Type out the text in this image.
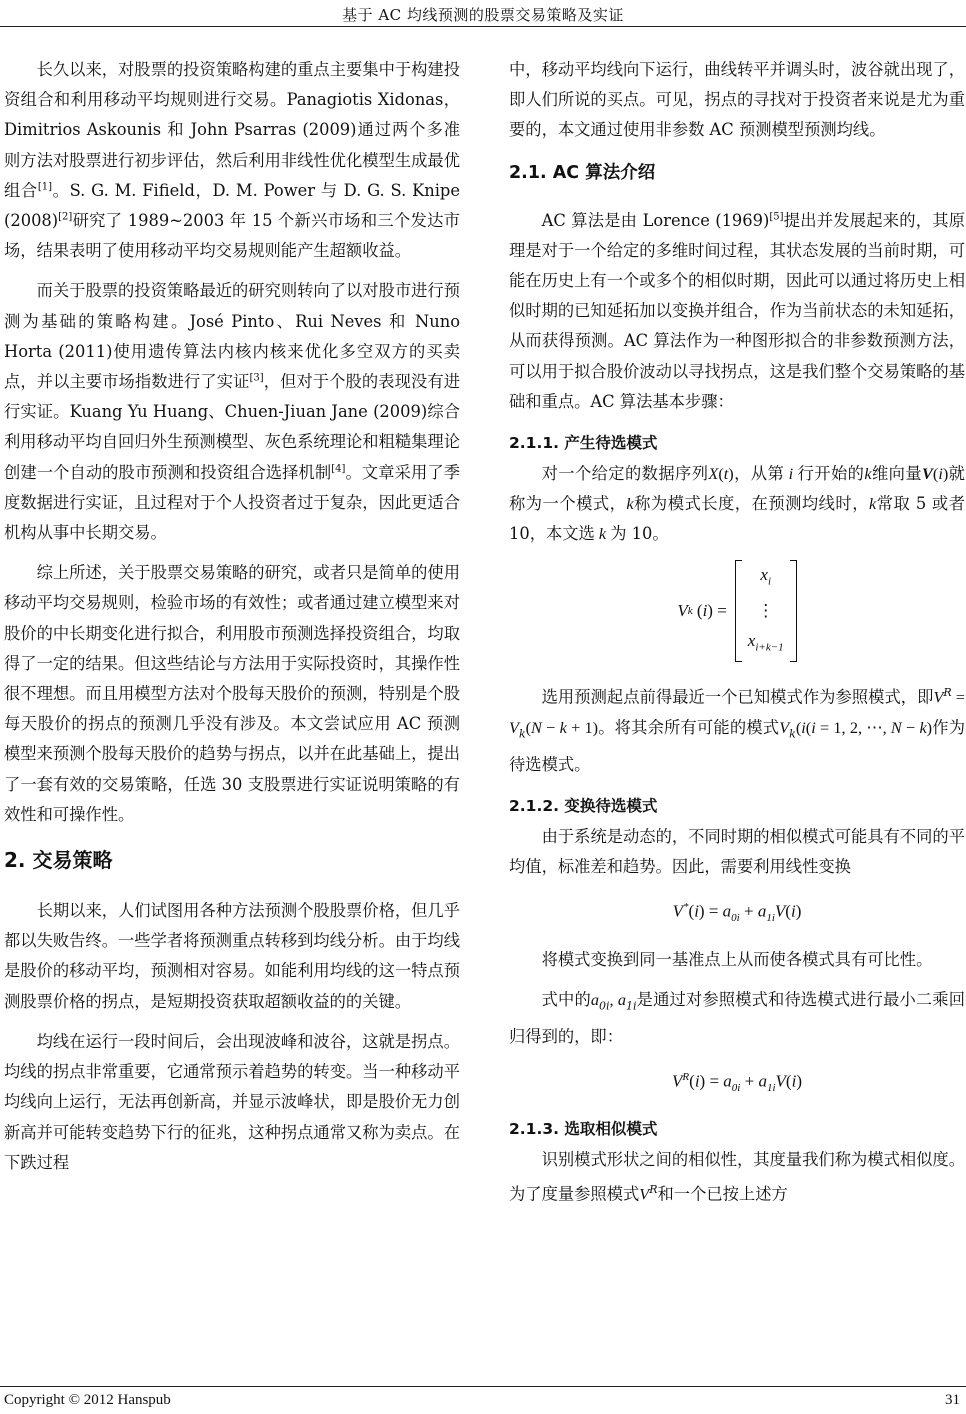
基于 AC 均线预测的股票交易策略及实证

长久以来，对股票的投资策略构建的重点主要集中于构建投资组合和利用移动平均规则进行交易。Panagiotis Xidonas，Dimitrios Askounis 和 John Psarras (2009)通过两个多准则方法对股票进行初步评估，然后利用非线性优化模型生成最优组合[1]。S. G. M. Fifield，D. M. Power 与 D. G. S. Knipe (2008)[2]研究了 1989~2003 年 15 个新兴市场和三个发达市场，结果表明了使用移动平均交易规则能产生超额收益。

而关于股票的投资策略最近的研究则转向了以对股市进行预测为基础的策略构建。José Pinto、Rui Neves 和 Nuno Horta (2011)使用遗传算法内核内核来优化多空双方的买卖点，并以主要市场指数进行了实证[3]，但对于个股的表现没有进行实证。Kuang Yu Huang、Chuen-Jiuan Jane (2009)综合利用移动平均自回归外生预测模型、灰色系统理论和粗糙集理论创建一个自动的股市预测和投资组合选择机制[4]。文章采用了季度数据进行实证，且过程对于个人投资者过于复杂，因此更适合机构从事中长期交易。

综上所述，关于股票交易策略的研究，或者只是简单的使用移动平均交易规则，检验市场的有效性；或者通过建立模型来对股价的中长期变化进行拟合，利用股市预测选择投资组合，均取得了一定的结果。但这些结论与方法用于实际投资时，其操作性很不理想。而且用模型方法对个股每天股价的预测，特别是个股每天股价的拐点的预测几乎没有涉及。本文尝试应用 AC 预测模型来预测个股每天股价的趋势与拐点，以并在此基础上，提出了一套有效的交易策略，任选 30 支股票进行实证说明策略的有效性和可操作性。

2. 交易策略

长期以来，人们试图用各种方法预测个股股票价格，但几乎都以失败告终。一些学者将预测重点转移到均线分析。由于均线是股价的移动平均，预测相对容易。如能利用均线的这一特点预测股票价格的拐点，是短期投资获取超额收益的的关键。

均线在运行一段时间后，会出现波峰和波谷，这就是拐点。均线的拐点非常重要，它通常预示着趋势的转变。当一种移动平均线向上运行，无法再创新高，并显示波峰状，即是股价无力创新高并可能转变趋势下行的征兆，这种拐点通常又称为卖点。在下跌过程

中，移动平均线向下运行，曲线转平并调头时，波谷就出现了，即人们所说的买点。可见，拐点的寻找对于投资者来说是尤为重要的，本文通过使用非参数 AC 预测模型预测均线。

2.1. AC 算法介绍

AC 算法是由 Lorence (1969)[5]提出并发展起来的，其原理是对于一个给定的多维时间过程，其状态发展的当前时期，可能在历史上有一个或多个的相似时期，因此可以通过将历史上相似时期的已知延拓加以变换并组合，作为当前状态的未知延拓，从而获得预测。AC 算法作为一种图形拟合的非参数预测方法，可以用于拟合股价波动以寻找拐点，这是我们整个交易策略的基础和重点。AC 算法基本步骤：

2.1.1. 产生待选模式

对一个给定的数据序列X(t)，从第 i 行开始的k维向量V(i)就称为一个模式，k称为模式长度，在预测均线时，k常取 5 或者 10，本文选 k 为 10。

V k ( i ) =
$x_i$
⋮
$x_{i+k-1}$

选用预测起点前得最近一个已知模式作为参照模式，即$V^R = V_k(N - k + 1)$。将其余所有可能的模式$V_k(i(i = 1$, 2, ⋯, N − k)作为待选模式。

2.1.2. 变换待选模式

由于系统是动态的，不同时期的相似模式可能具有不同的平均值，标准差和趋势。因此，需要利用线性变换

$V^*(i) = a_{0i} + a_{1i}V(i)$

将模式变换到同一基准点上从而使各模式具有可比性。

式中的$a_{0i}$, $a_{1i}$是通过对参照模式和待选模式进行最小二乘回归得到的，即：

$V^R(i) = a_{0i} + a_{1i}V(i)$
2.1.3. 选取相似模式

识别模式形状之间的相似性，其度量我们称为模式相似度。为了度量参照模式$V^R$和一个已按上述方

Copyright © 2012 Hanspub	31
